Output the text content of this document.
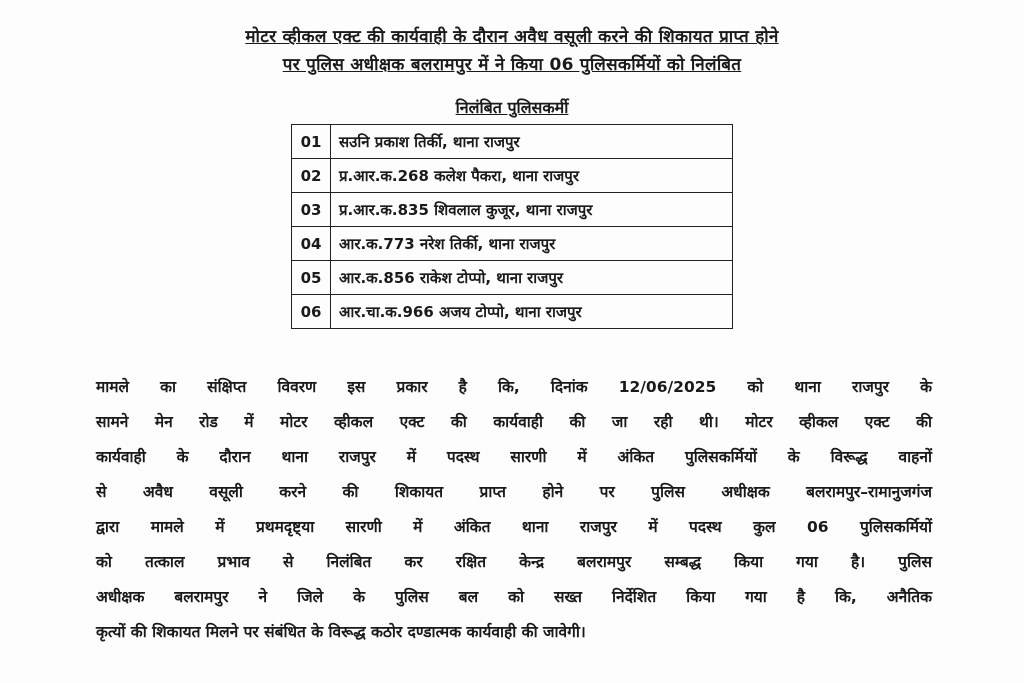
मोटर व्हीकल एक्ट की कार्यवाही के दौरान अवैध वसूली करने की शिकायत प्राप्त होने
पर पुलिस अधीक्षक बलरामपुर में ने किया 06 पुलिसकर्मियों को निलंबित
निलंबित पुलिसकर्मी
01	सउनि प्रकाश तिर्की, थाना राजपुर
02	प्र.आर.क.268 कलेश पैकरा, थाना राजपुर
03	प्र.आर.क.835 शिवलाल कुजूर, थाना राजपुर
04	आर.क.773 नरेश तिर्की, थाना राजपुर
05	आर.क.856 राकेश टोप्पो, थाना राजपुर
06	आर.चा.क.966 अजय टोप्पो, थाना राजपुर
मामले का संक्षिप्त विवरण इस प्रकार है कि, दिनांक 12/06/2025 को थाना राजपुर के
सामने मेन रोड में मोटर व्हीकल एक्ट की कार्यवाही की जा रही थी। मोटर व्हीकल एक्ट की
कार्यवाही के दौरान थाना राजपुर में पदस्थ सारणी में अंकित पुलिसकर्मियों के विरूद्ध वाहनों
से अवैध वसूली करने की शिकायत प्राप्त होने पर पुलिस अधीक्षक बलरामपुर–रामानुजगंज
द्वारा मामले में प्रथमदृष्ट्या सारणी में अंकित थाना राजपुर में पदस्थ कुल 06 पुलिसकर्मियों
को तत्काल प्रभाव से निलंबित कर रक्षित केन्द्र बलरामपुर सम्बद्ध किया गया है। पुलिस
अधीक्षक बलरामपुर ने जिले के पुलिस बल को सख्त निर्देशित किया गया है कि, अनैतिक
कृत्यों की शिकायत मिलने पर संबंधित के विरूद्ध कठोर दण्डात्मक कार्यवाही की जावेगी।
